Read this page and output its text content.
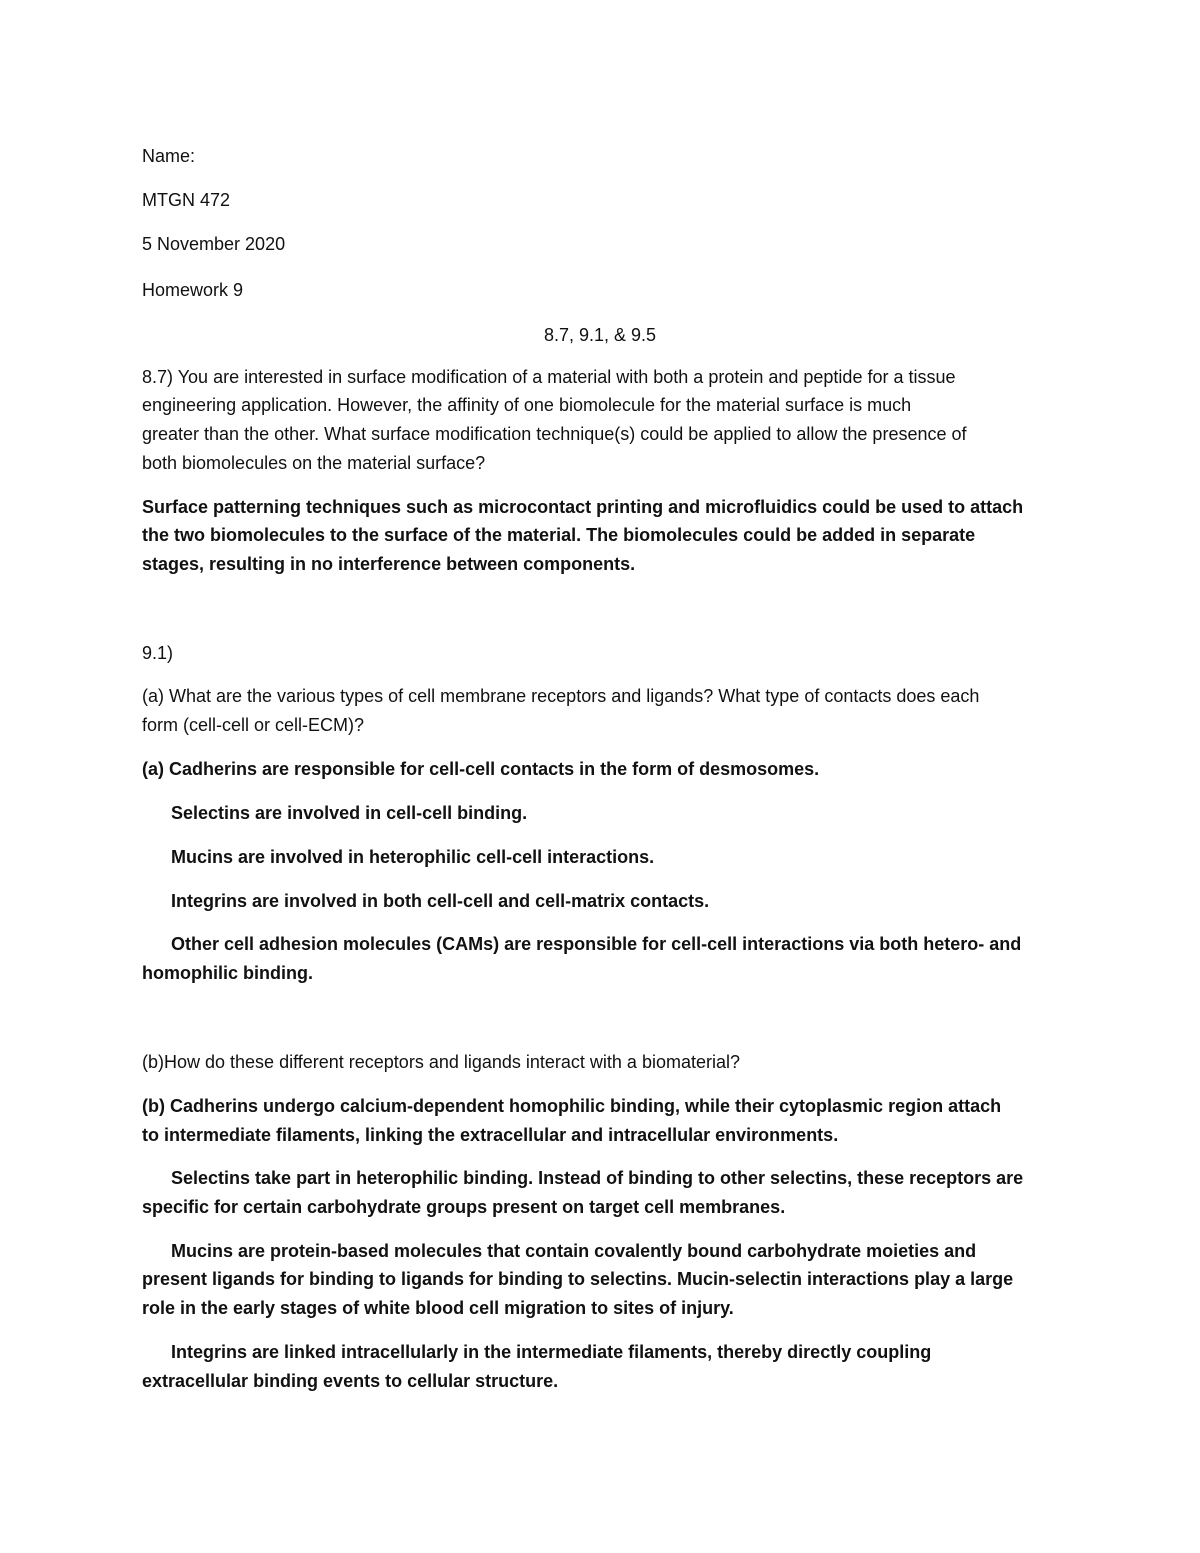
Name:

MTGN 472

5 November 2020

Homework 9

8.7, 9.1, & 9.5

8.7) You are interested in surface modification of a material with both a protein and peptide for a tissue

engineering application. However, the affinity of one biomolecule for the material surface is much

greater than the other. What surface modification technique(s) could be applied to allow the presence of

both biomolecules on the material surface?

Surface patterning techniques such as microcontact printing and microfluidics could be used to attach

the two biomolecules to the surface of the material. The biomolecules could be added in separate

stages, resulting in no interference between components.

9.1)

(a) What are the various types of cell membrane receptors and ligands? What type of contacts does each

form (cell-cell or cell-ECM)?

(a) Cadherins are responsible for cell-cell contacts in the form of desmosomes.

Selectins are involved in cell-cell binding.

Mucins are involved in heterophilic cell-cell interactions.

Integrins are involved in both cell-cell and cell-matrix contacts.

Other cell adhesion molecules (CAMs) are responsible for cell-cell interactions via both hetero- and

homophilic binding.

(b)How do these different receptors and ligands interact with a biomaterial?

(b) Cadherins undergo calcium-dependent homophilic binding, while their cytoplasmic region attach

to intermediate filaments, linking the extracellular and intracellular environments.

Selectins take part in heterophilic binding. Instead of binding to other selectins, these receptors are

specific for certain carbohydrate groups present on target cell membranes.

Mucins are protein-based molecules that contain covalently bound carbohydrate moieties and

present ligands for binding to ligands for binding to selectins. Mucin-selectin interactions play a large

role in the early stages of white blood cell migration to sites of injury.

Integrins are linked intracellularly in the intermediate filaments, thereby directly coupling

extracellular binding events to cellular structure.
